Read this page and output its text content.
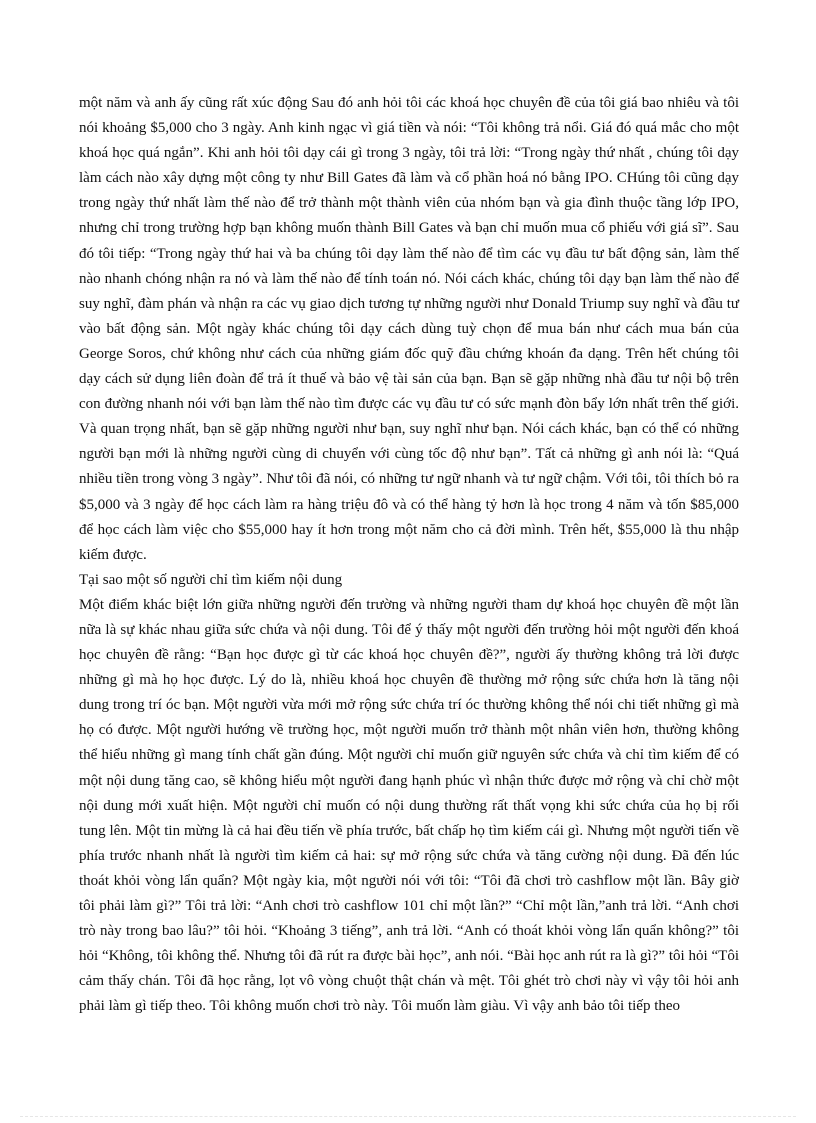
một năm và anh ấy cũng rất xúc động Sau đó anh hỏi tôi các khoá học chuyên đề của tôi giá bao nhiêu và tôi nói khoảng $5,000 cho 3 ngày. Anh kinh ngạc vì giá tiền và nói: “Tôi không trả nổi. Giá đó quá mắc cho một khoá học quá ngắn”. Khi anh hỏi tôi dạy cái gì trong 3 ngày, tôi trả lời: “Trong ngày thứ nhất , chúng tôi dạy làm cách nào xây dựng một công ty như Bill Gates đã làm và cổ phần hoá nó bằng IPO. CHúng tôi cũng dạy trong ngày thứ nhất làm thế nào để trở thành một thành viên của nhóm bạn và gia đình thuộc tầng lớp IPO, nhưng chỉ trong trường hợp bạn không muốn thành Bill Gates và bạn chỉ muốn mua cổ phiếu với giá sĩ”. Sau đó tôi tiếp: “Trong ngày thứ hai và ba chúng tôi dạy làm thế nào để tìm các vụ đầu tư bất động sản, làm thế nào nhanh chóng nhận ra nó và làm thế nào để tính toán nó. Nói cách khác, chúng tôi dạy bạn làm thế nào để suy nghĩ, đàm phán và nhận ra các vụ giao dịch tương tự những người như Donald Triump suy nghĩ và đầu tư vào bất động sản. Một ngày khác chúng tôi dạy cách dùng tuỳ chọn để mua bán như cách mua bán của George Soros, chứ không như cách của những giám đốc quỹ đầu chứng khoán đa dạng. Trên hết chúng tôi dạy cách sử dụng liên đoàn để trả ít thuế và bảo vệ tài sản của bạn. Bạn sẽ gặp những nhà đầu tư nội bộ trên con đường nhanh nói với bạn làm thế nào tìm được các vụ đầu tư có sức mạnh đòn bẩy lớn nhất trên thế giới. Và quan trọng nhất, bạn sẽ gặp những người như bạn, suy nghĩ như bạn. Nói cách khác, bạn có thể có những người bạn mới là những người cùng di chuyển với cùng tốc độ như bạn”. Tất cả những gì anh nói là: “Quá nhiều tiền trong vòng 3 ngày”. Như tôi đã nói, có những tư ngữ nhanh và tư ngữ chậm. Với tôi, tôi thích bỏ ra $5,000 và 3 ngày để học cách làm ra hàng triệu đô và có thể hàng tỷ hơn là học trong 4 năm và tốn $85,000 để học cách làm việc cho $55,000 hay ít hơn trong một năm cho cả đời mình. Trên hết, $55,000 là thu nhập kiếm được.

Tại sao một số người chỉ tìm kiếm nội dung

Một điểm khác biệt lớn giữa những người đến trường và những người tham dự khoá học chuyên đề một lần nữa là sự khác nhau giữa sức chứa và nội dung. Tôi để ý thấy một người đến trường hỏi một người đến khoá học chuyên đề rằng: “Bạn học được gì từ các khoá học chuyên đề?”, người ấy thường không trả lời được những gì mà họ học được. Lý do là, nhiều khoá học chuyên đề thường mở rộng sức chứa hơn là tăng nội dung trong trí óc bạn. Một người vừa mới mở rộng sức chứa trí óc thường không thể nói chi tiết những gì mà họ có được. Một người hướng về trường học, một người muốn trở thành một nhân viên hơn, thường không thể hiểu những gì mang tính chất gần đúng. Một người chỉ muốn giữ nguyên sức chứa và chỉ tìm kiếm để có một nội dung tăng cao, sẽ không hiểu một người đang hạnh phúc vì nhận thức được mở rộng và chỉ chờ một nội dung mới xuất hiện. Một người chỉ muốn có nội dung thường rất thất vọng khi sức chứa của họ bị rối tung lên. Một tin mừng là cả hai đều tiến về phía trước, bất chấp họ tìm kiếm cái gì. Nhưng một người tiến về phía trước nhanh nhất là người tìm kiếm cả hai: sự mở rộng sức chứa và tăng cường nội dung. Đã đến lúc thoát khỏi vòng lẩn quẩn? Một ngày kia, một người nói với tôi: “Tôi đã chơi trò cashflow một lần. Bây giờ tôi phải làm gì?” Tôi trả lời: “Anh chơi trò cashflow 101 chỉ một lần?” “Chỉ một lần,”anh trả lời. “Anh chơi trò này trong bao lâu?” tôi hỏi. “Khoảng 3 tiếng”, anh trả lời. “Anh có thoát khỏi vòng lẩn quẩn không?” tôi hỏi “Không, tôi không thể. Nhưng tôi đã rút ra được bài học”, anh nói. “Bài học anh rút ra là gì?” tôi hỏi “Tôi cảm thấy chán. Tôi đã học rằng, lọt vô vòng chuột thật chán và mệt. Tôi ghét trò chơi này vì vậy tôi hỏi anh phải làm gì tiếp theo. Tôi không muốn chơi trò này. Tôi muốn làm giàu. Vì vậy anh bảo tôi tiếp theo
